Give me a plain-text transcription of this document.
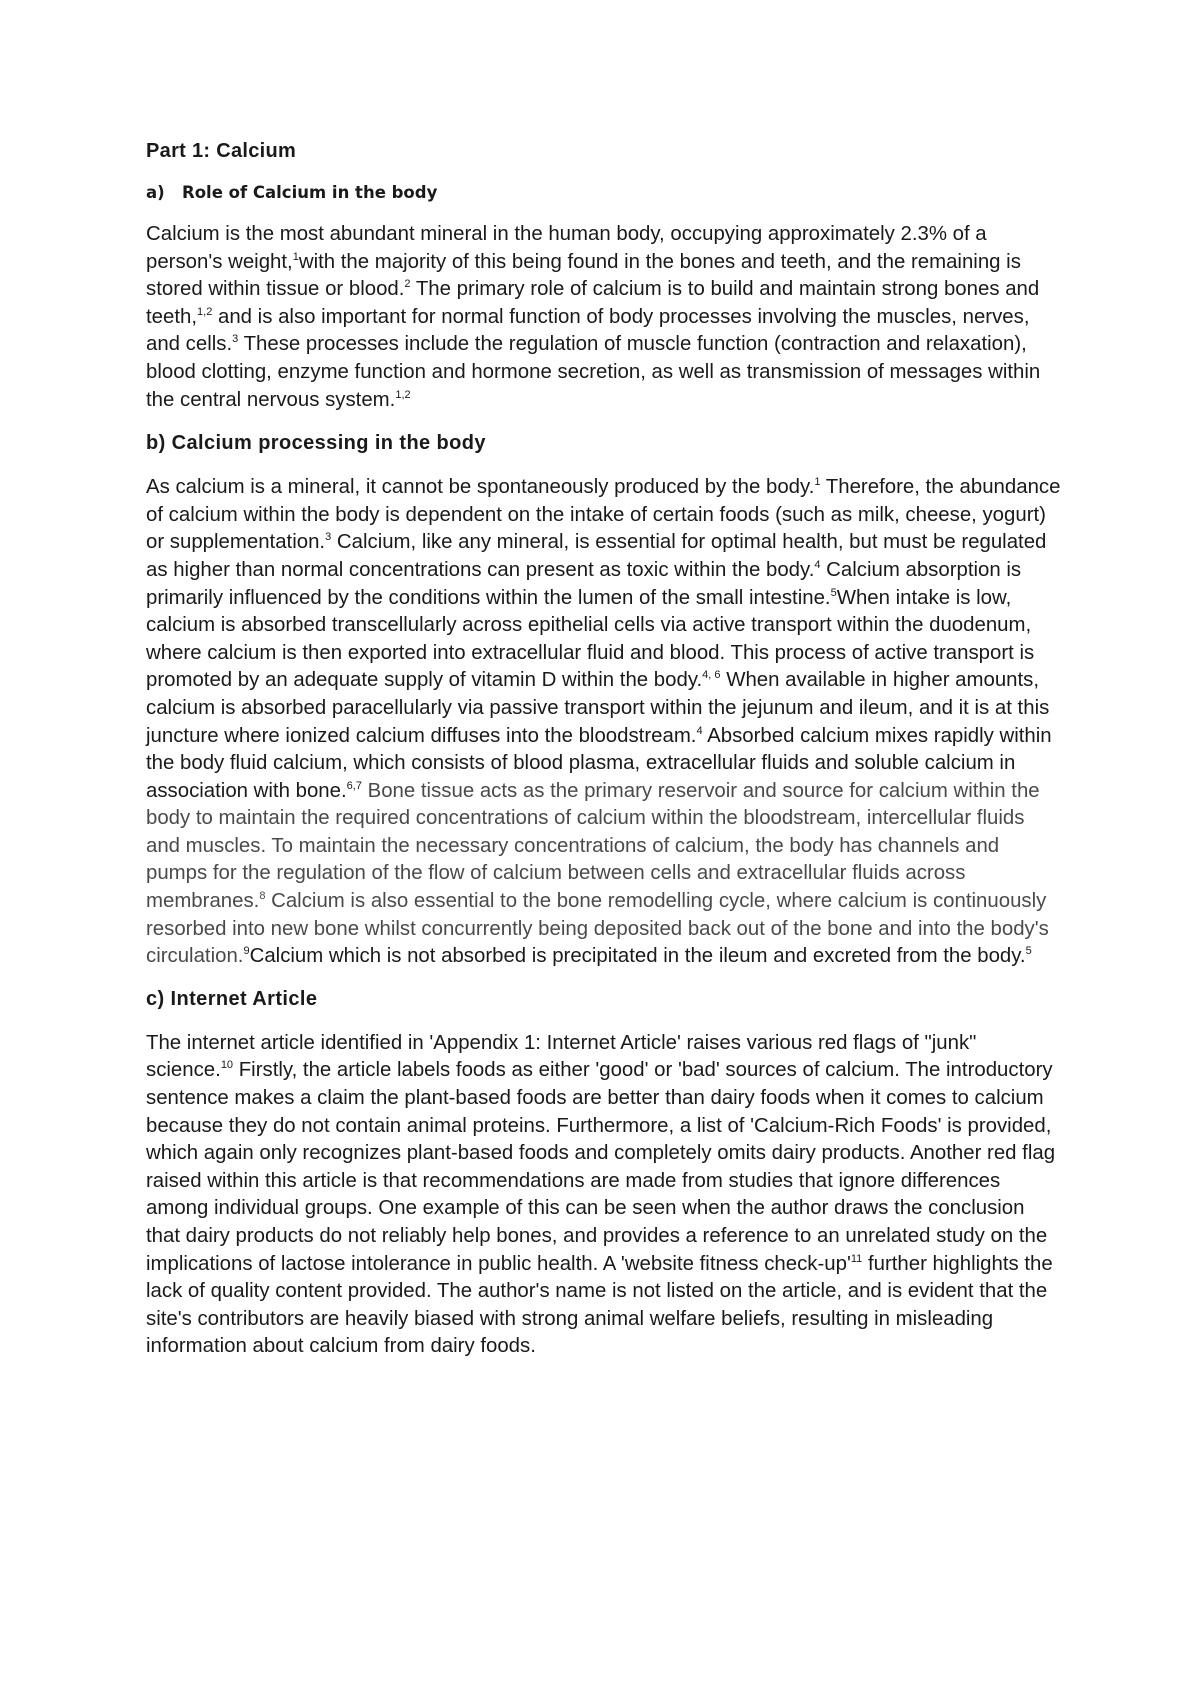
Part 1: Calcium
a) Role of Calcium in the body

Calcium is the most abundant mineral in the human body, occupying approximately 2.3% of a person's weight,$^1$with the majority of this being found in the bones and teeth, and the remaining is stored within tissue or blood.$^2$ The primary role of calcium is to build and maintain strong bones and teeth,$^{1,2}$ and is also important for normal function of body processes involving the muscles, nerves, and cells.$^3$ These processes include the regulation of muscle function (contraction and relaxation), blood clotting, enzyme function and hormone secretion, as well as transmission of messages within the central nervous system.$^{1,2}$

b) Calcium processing in the body

As calcium is a mineral, it cannot be spontaneously produced by the body.$^1$ Therefore, the abundance of calcium within the body is dependent on the intake of certain foods (such as milk, cheese, yogurt) or supplementation.$^3$ Calcium, like any mineral, is essential for optimal health, but must be regulated as higher than normal concentrations can present as toxic within the body.$^4$ Calcium absorption is primarily influenced by the conditions within the lumen of the small intestine.$^5$When intake is low, calcium is absorbed transcellularly across epithelial cells via active transport within the duodenum, where calcium is then exported into extracellular fluid and blood. This process of active transport is promoted by an adequate supply of vitamin D within the body.$^{4, 6}$ When available in higher amounts, calcium is absorbed paracellularly via passive transport within the jejunum and ileum, and it is at this juncture where ionized calcium diffuses into the bloodstream.$^4$ Absorbed calcium mixes rapidly within the body fluid calcium, which consists of blood plasma, extracellular fluids and soluble calcium in association with bone.$^{6,7}$ Bone tissue acts as the primary reservoir and source for calcium within the body to maintain the required concentrations of calcium within the bloodstream, intercellular fluids and muscles. To maintain the necessary concentrations of calcium, the body has channels and pumps for the regulation of the flow of calcium between cells and extracellular fluids across membranes.$^8$ Calcium is also essential to the bone remodelling cycle, where calcium is continuously resorbed into new bone whilst concurrently being deposited back out of the bone and into the body's circulation.$^9$Calcium which is not absorbed is precipitated in the ileum and excreted from the body.$^5$

c) Internet Article

The internet article identified in 'Appendix 1: Internet Article' raises various red flags of "junk" science.$^{10}$ Firstly, the article labels foods as either 'good' or 'bad' sources of calcium. The introductory sentence makes a claim the plant-based foods are better than dairy foods when it comes to calcium because they do not contain animal proteins. Furthermore, a list of 'Calcium-Rich Foods' is provided, which again only recognizes plant-based foods and completely omits dairy products. Another red flag raised within this article is that recommendations are made from studies that ignore differences among individual groups. One example of this can be seen when the author draws the conclusion that dairy products do not reliably help bones, and provides a reference to an unrelated study on the implications of lactose intolerance in public health. A 'website fitness check-$up'^{11}$ further highlights the lack of quality content provided. The author's name is not listed on the article, and is evident that the site's contributors are heavily biased with strong animal welfare beliefs, resulting in misleading information about calcium from dairy foods.
